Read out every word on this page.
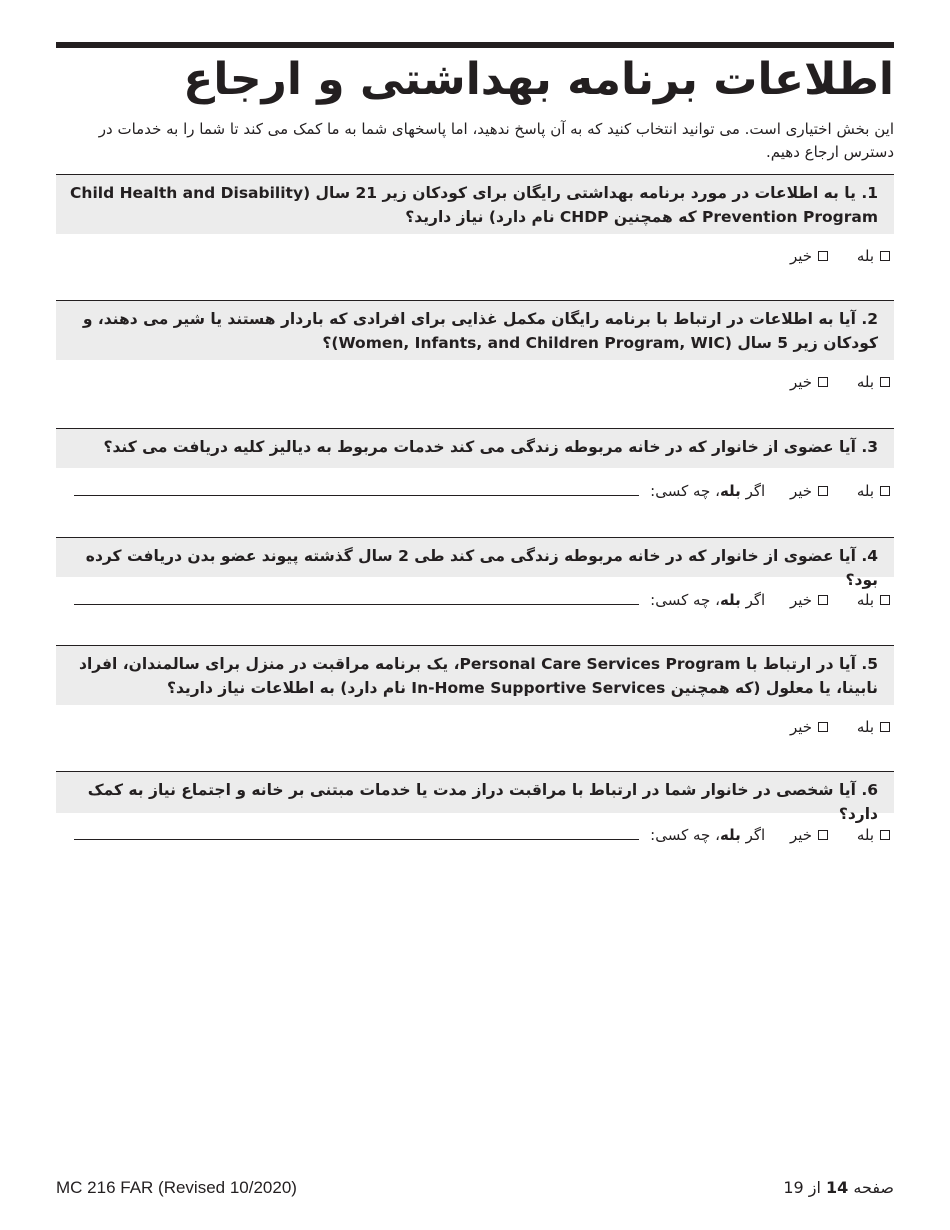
اطلاعات برنامه بهداشتی و ارجاع
این بخش اختیاری است. می توانید انتخاب کنید که به آن پاسخ ندهید، اما پاسخهای شما به ما کمک می کند تا شما را به خدمات در دسترس ارجاع دهیم.
1. یا به اطلاعات در مورد برنامه بهداشتی رایگان برای کودکان زیر 21 سال (Child Health and Disability Prevention Program که همچنین CHDP نام دارد) نیاز دارید؟
بله خیر
2. آیا به اطلاعات در ارتباط با برنامه رایگان مکمل غذایی برای افرادی که باردار هستند یا شیر می دهند، و کودکان زیر 5 سال (Women, Infants, and Children Program, WIC)؟
بله خیر
3. آیا عضوی از خانوار که در خانه مربوطه زندگی می کند خدمات مربوط به دیالیز کلیه دریافت می کند؟
بله خیر اگر بله، چه کسی:
4. آیا عضوی از خانوار که در خانه مربوطه زندگی می کند طی 2 سال گذشته پیوند عضو بدن دریافت کرده بود؟
بله خیر اگر بله، چه کسی:
5. آیا در ارتباط با Personal Care Services Program، یک برنامه مراقبت در منزل برای سالمندان، افراد نابینا، یا معلول (که همچنین In-Home Supportive Services نام دارد) به اطلاعات نیاز دارید؟
بله خیر
6. آیا شخصی در خانوار شما در ارتباط با مراقبت دراز مدت یا خدمات مبتنی بر خانه و اجتماع نیاز به کمک دارد؟
بله خیر اگر بله، چه کسی:
MC 216 FAR (Revised 10/2020)	صفحه 14 از 19
